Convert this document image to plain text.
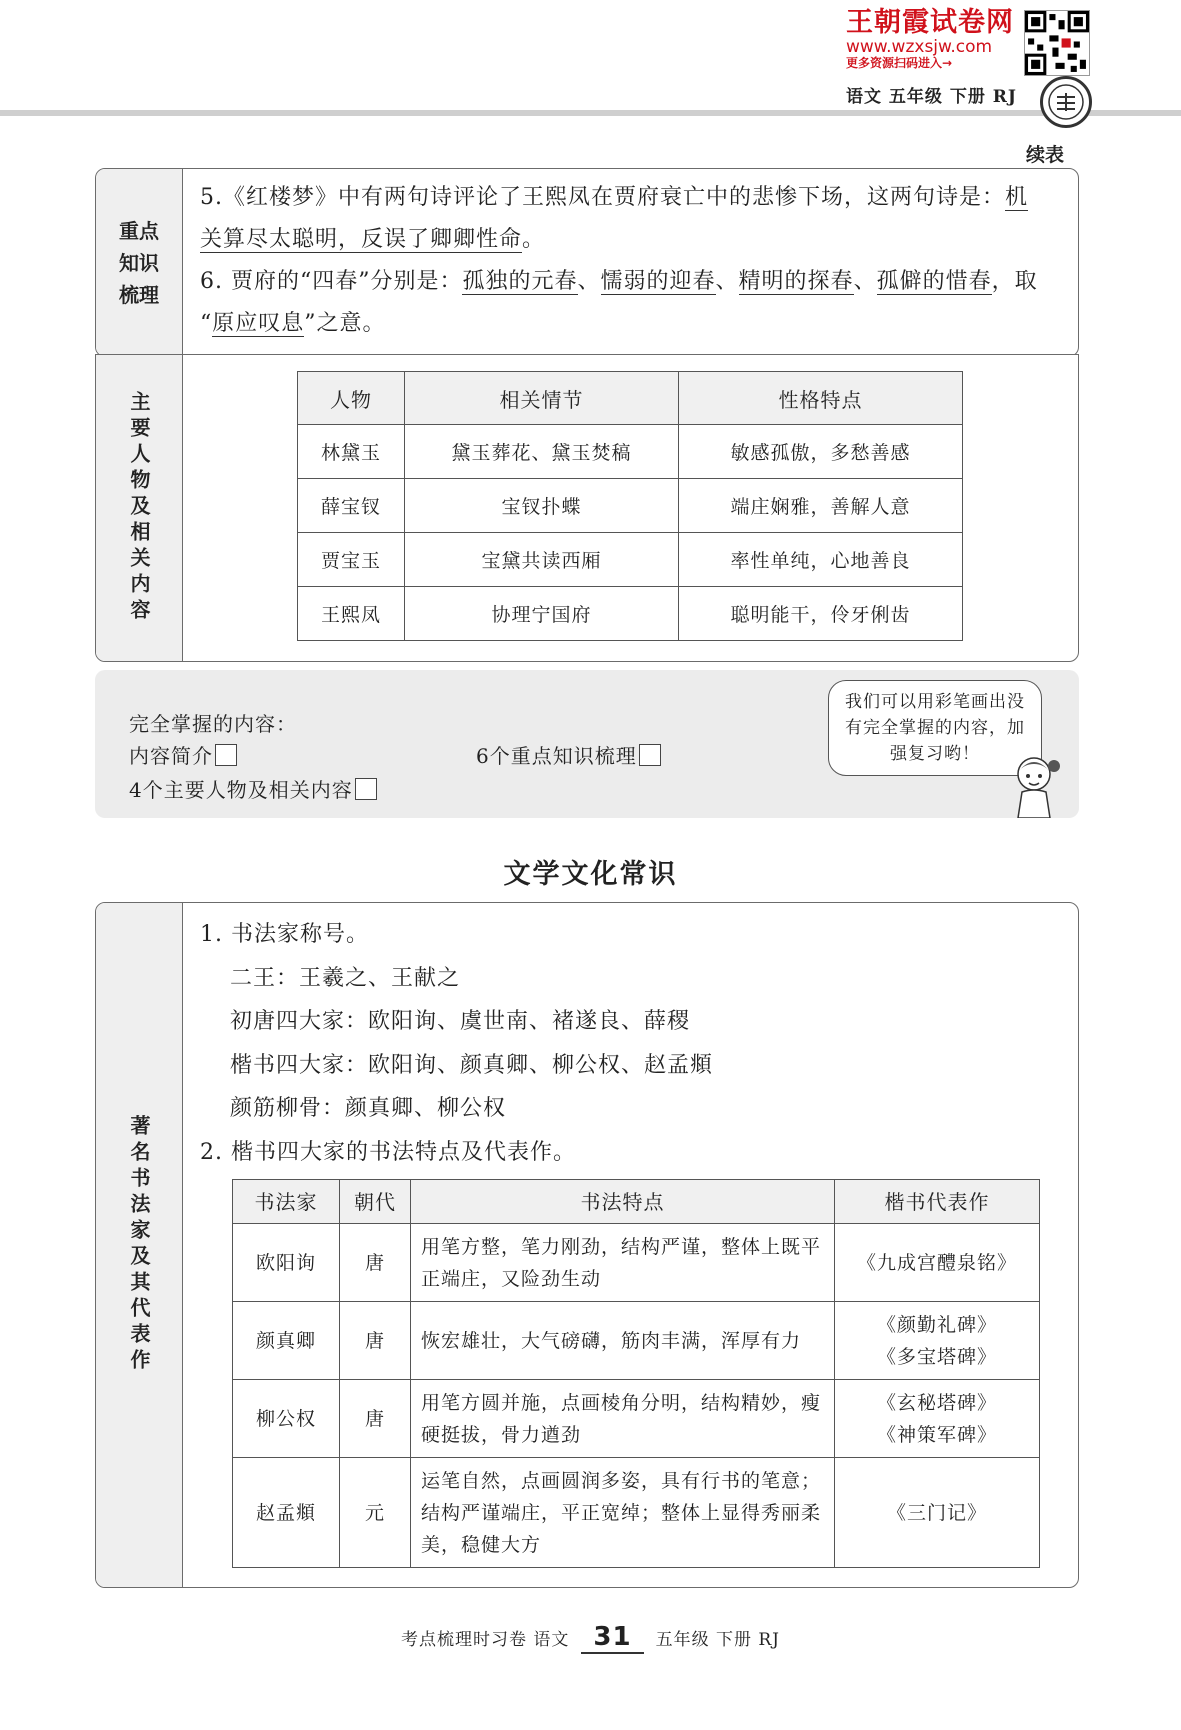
王朝霞试卷网
www.wzxsjw.com
更多资源扫码进入→
语文 五年级 下册 RJ
续表
重点知识梳理
5.《红楼梦》中有两句诗评论了王熙凤在贾府衰亡中的悲惨下场，这两句诗是：机
关算尽太聪明，反误了卿卿性命。
6. 贾府的“四春”分别是：孤独的元春、懦弱的迎春、精明的探春、孤僻的惜春，取
“原应叹息”之意。
主要人物及相关内容	人物	相关情节	性格特点
林黛玉	黛玉葬花、黛玉焚稿	敏感孤傲，多愁善感
薛宝钗	宝钗扑蝶	端庄娴雅，善解人意
贾宝玉	宝黛共读西厢	率性单纯，心地善良
王熙凤	协理宁国府	聪明能干，伶牙俐齿
完全掌握的内容：
内容简介	6个重点知识梳理
4个主要人物及相关内容
我们可以用彩笔画出没有完全掌握的内容，加强复习哟！
文学文化常识
著名书法家及其代表作
1. 书法家称号。
二王：王羲之、王献之
初唐四大家：欧阳询、虞世南、褚遂良、薛稷
楷书四大家：欧阳询、颜真卿、柳公权、赵孟頫
颜筋柳骨：颜真卿、柳公权
2. 楷书四大家的书法特点及代表作。
书法家	朝代	书法特点	楷书代表作
欧阳询	唐	用笔方整，笔力刚劲，结构严谨，整体上既平正端庄，又险劲生动	《九成宫醴泉铭》

颜真卿	唐	恢宏雄壮，大气磅礴，筋肉丰满，浑厚有力	《颜勤礼碑》
《多宝塔碑》

柳公权	唐	用笔方圆并施，点画棱角分明，结构精妙，瘦硬挺拔，骨力遒劲	《玄秘塔碑》
《神策军碑》

赵孟頫	元	运笔自然，点画圆润多姿，具有行书的笔意；结构严谨端庄，平正宽绰；整体上显得秀丽柔美，稳健大方	《三门记》
考点梳理时习卷 语文 31 五年级 下册 RJ
